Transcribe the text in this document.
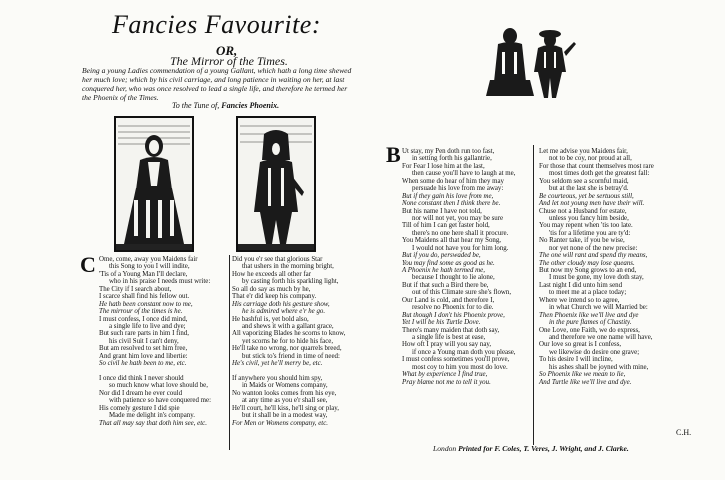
Fancies Favourite:
OR,
The Mirror of the Times.
Being a young Ladies commendation of a young Gallant, which hath a long time shewed
her much love; which by his civil carriage, and long patience in waiting on her, at last
conquered her, who was once resolved to lead a single life, and therefore he termed her
the Phoenix of the Times.
To the Tune of, Fancies Phoenix.
C Ome, come, away you Maidens fair
this Song to you I will indite,
'Tis of a Young Man I'll declare,
who in his praise I needs must write:
The City if I search about,
I scarce shall find his fellow out.
He hath been constant now to me,
The mirrour of the times is he.
I must confess, I once did mind,
a single life to live and dye;
But such rare parts in him I find,
his civil Suit I can't deny,
But am resolved to set him free,
And grant him love and libertie:
So civil he hath been to me, etc.
I once did think I never should
so much know what love should be,
Nor did I dream he ever could
with patience so have conquered me:
His comely gesture I did spie
Made me delight in's company.
That all may say that doth him see, etc.
Did you e'r see that glorious Star
that ushers in the morning bright,
How he exceeds all other far
by casting forth his sparkling light,
So all do say as much by he,
That e'r did keep his company.
His carriage doth his gesture show,
he is admired where e'r he go.
He bashful is, yet bold also,
and shews it with a gallant grace,
All vaporizing Blades he scorns to know,
yet scorns he for to hide his face,
He'll take no wrong, nor quarrels breed,
but stick to's friend in time of need:
He's civil, yet he'll merry be, etc.
If anywhere you should him spy,
in Maids or Womens company,
No wanton looks comes from his eye,
at any time as you e'r shall see,
He'll court, he'll kiss, he'll sing or play,
but it shall be in a modest way,
For Men or Womens company, etc.
B Ut stay, my Pen doth run too fast,
in setting forth his gallantrie,
For Fear I lose him at the last,
then cause you'll have to laugh at me,
When some do hear of him they may
persuade his love from me away:
But if they gain his love from me,
None constant then I think there be.
But his name I have not told,
nor will not yet, you may be sure
Till of him I can get faster hold,
there's no one here shall it procure.
You Maidens all that hear my Song,
I would not have you for him long.
But if you do, perswaded be,
You may find some as good as he.
A Phoenix he hath termed me,
because I thought to lie alone,
But if that such a Bird there be,
out of this Climate sure she's flown,
Our Land is cold, and therefore I,
resolve no Phoenix for to die.
But though I don't his Phoenix prove,
Yet I will be his Turtle Dove.
There's many maiden that doth say,
a single life is best at ease,
How oft I pray will you say nay,
if once a Young man doth you please,
I must confess sometimes you'll prove,
most coy to him you most do love.
What by experience I find true,
Pray blame not me to tell it you.
Let me advise you Maidens fair,
not to be coy, nor proud at all,
For those that count themselves most rare
most times doth get the greatest fall:
You seldom see a scornful maid,
but at the last she is betray'd.
Be courteous, yet be sertuous still,
And let not young men have their will.
Chuse not a Husband for estate,
unless you fancy him beside,
You may repent when 'tis too late.
'tis for a lifetime you are ty'd:
No Ranter take, if you be wise,
nor yet none of the new precise:
The one will rant and spend thy means,
The other cloudy may lose queans.
But now my Song grows to an end,
I must be gone, my love doth stay,
Last night I did unto him send
to meet me at a place today;
Where we intend so to agree,
in what Church we will Married be:
Then Phoenix like we'll live and dye
in the pure flames of Chastity.
One Love, one Faith, we do express,
and therefore we one name will have,
Our love so great is I confess,
we likewise do desire one grave;
To his desire I will incline,
his ashes shall be joyned with mine,
So Phoenix like we mean to lie,
And Turtle like we'll live and dye.
C.H.
London Printed for F. Coles, T. Veres, J. Wright, and J. Clarke.
